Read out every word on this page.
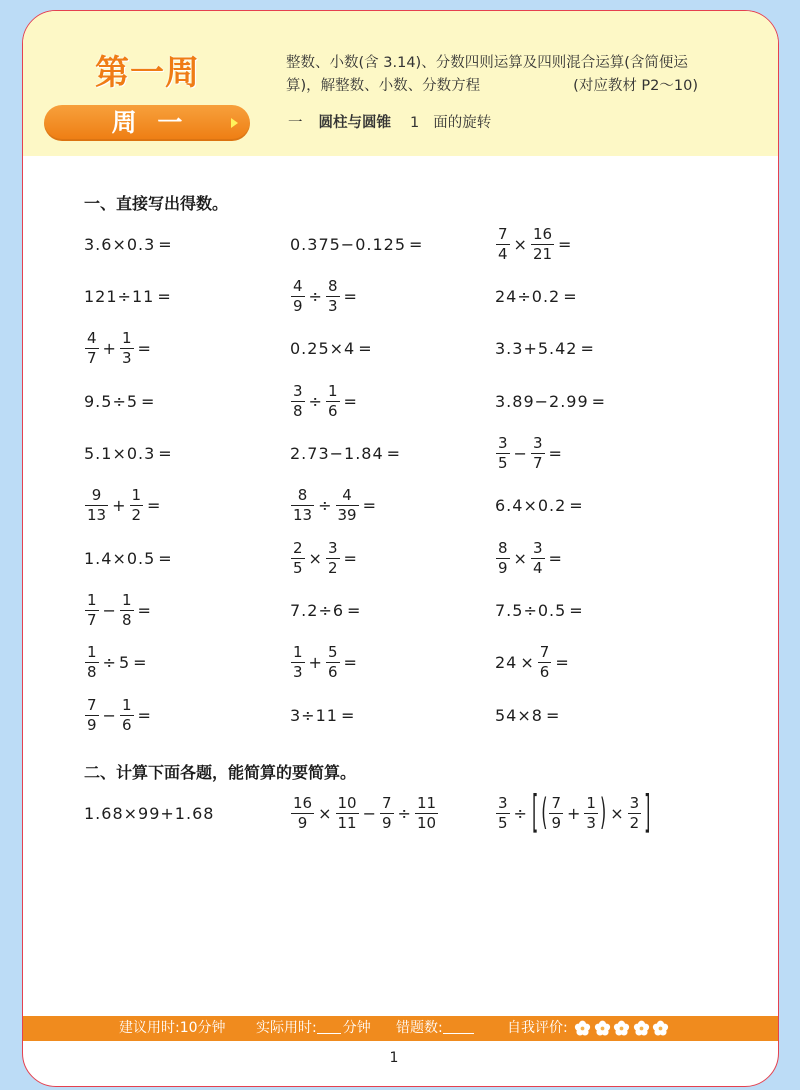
第一周
周 一
整数、小数(含 3.14)、分数四则运算及四则混合运算(含简便运
算)，解整数、小数、分数方程	(对应教材 P2～10)
一 圆柱与圆锥 1 面的旋转
一、直接写出得数。
3.6×0.3 =	0.375−0.125 =	$\frac{7}{4} \times \frac{16}{21}$ =
121÷11 =	$\frac{4}{9} \div \frac{8}{3}$ =	24÷0.2 =
$\frac{4}{7} + \frac{1}{3}$ =	0.25×4 =	3.3+5.42 =
9.5÷5 =	$\frac{3}{8} \div \frac{1}{6}$ =	3.89−2.99 =
5.1×0.3 =	2.73−1.84 =	$\frac{3}{5} - \frac{3}{7}$ =
$\frac{9}{13} + \frac{1}{2}$ =	$\frac{8}{13} \div \frac{4}{39}$ =	6.4×0.2 =
1.4×0.5 =	$\frac{2}{5} \times \frac{3}{2}$ =	$\frac{8}{9} \times \frac{3}{4}$ =
$\frac{1}{7} - \frac{1}{8}$ =	7.2÷6 =	7.5÷0.5 =
$\frac{1}{8} \div 5$ =	$\frac{1}{3} + \frac{5}{6}$ =	$24 \times \frac{7}{6}$ =
$\frac{7}{9} - \frac{1}{6}$ =	3÷11 =	54×8 =
二、计算下面各题，能简算的要简算。
1.68×99+1.68	$\frac{16}{9} \times \frac{10}{11} - \frac{7}{9} \div \frac{11}{10}$	$\frac{3}{5}$ ÷ [ ( $\frac{7}{9} + \frac{1}{3}$ ) × $\frac{3}{2}$ ]
建议用时:10分钟 实际用时: 分钟 错题数:	自我评价:
1
